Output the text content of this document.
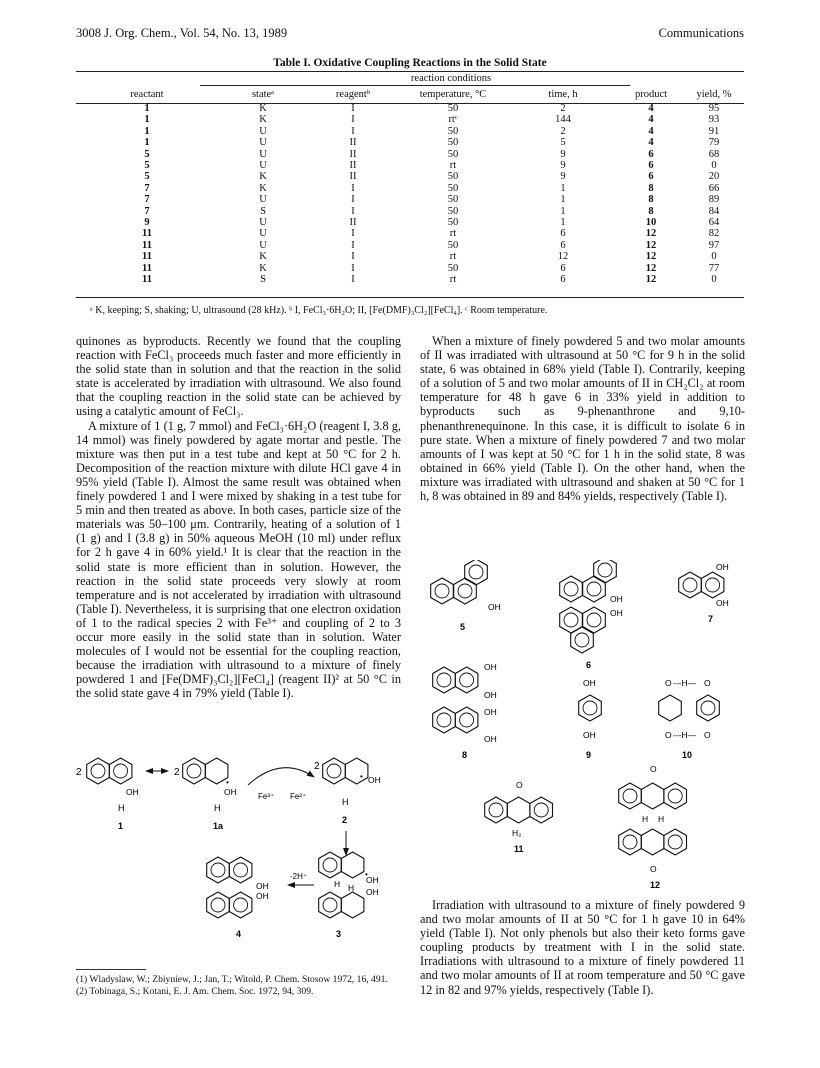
3008 J. Org. Chem., Vol. 54, No. 13, 1989	Communications
Table I. Oxidative Coupling Reactions in the Solid State
	reaction conditions					
reactant	stateᵃ	reagentᵇ	temperature, °C	time, h	product	yield, %
1	K	I	50	2	4	95
1	K	I	rtᶜ	144	4	93
1	U	I	50	2	4	91
1	U	II	50	5	4	79
5	U	II	50	9	6	68
5	U	II	rt	9	6	0
5	K	II	50	9	6	20
7	K	I	50	1	8	66
7	U	I	50	1	8	89
7	S	I	50	1	8	84
9	U	II	50	1	10	64
11	U	I	rt	6	12	82
11	U	I	50	6	12	97
11	K	I	rt	12	12	0
11	K	I	50	6	12	77
11	S	I	rt	6	12	0
ᵃ K, keeping; S, shaking; U, ultrasound (28 kHz). ᵇ I, FeCl₃·6H₂O; II, [Fe(DMF)₃Cl₂][FeCl₄]. ᶜ Room temperature.

quinones as byproducts. Recently we found that the coupling reaction with FeCl₃ proceeds much faster and more efficiently in the solid state than in solution and that the reaction in the solid state is accelerated by irradiation with ultrasound. We also found that the coupling reaction in the solid state can be achieved by using a catalytic amount of FeCl₃.

A mixture of 1 (1 g, 7 mmol) and FeCl₃·6H₂O (reagent I, 3.8 g, 14 mmol) was finely powdered by agate mortar and pestle. The mixture was then put in a test tube and kept at 50 °C for 2 h. Decomposition of the reaction mixture with dilute HCl gave 4 in 95% yield (Table I). Almost the same result was obtained when finely powdered 1 and I were mixed by shaking in a test tube for 5 min and then treated as above. In both cases, particle size of the materials was 50–100 μm. Contrarily, heating of a solution of 1 (1 g) and I (3.8 g) in 50% aqueous MeOH (10 ml) under reflux for 2 h gave 4 in 60% yield.¹ It is clear that the reaction in the solid state is more efficient than in solution. However, the reaction in the solid state proceeds very slowly at room temperature and is not accelerated by irradiation with ultrasound (Table I). Nevertheless, it is surprising that one electron oxidation of 1 to the radical species 2 with Fe³⁺ and coupling of 2 to 3 occur more easily in the solid state than in solution. Water molecules of I would not be essential for the coupling reaction, because the irradiation with ultrasound to a mixture of finely powdered 1 and [Fe(DMF)₃Cl₂][FeCl₄] (reagent II)² at 50 °C in the solid state gave 4 in 79% yield (Table I).

When a mixture of finely powdered 5 and two molar amounts of II was irradiated with ultrasound at 50 °C for 9 h in the solid state, 6 was obtained in 68% yield (Table I). Contrarily, keeping of a solution of 5 and two molar amounts of II in CH₂Cl₂ at room temperature for 48 h gave 6 in 33% yield in addition to byproducts such as 9-phenanthrone and 9,10-phenanthrenequinone. In this case, it is difficult to isolate 6 in pure state. When a mixture of finely powdered 7 and two molar amounts of I was kept at 50 °C for 1 h in the solid state, 8 was obtained in 66% yield (Table I). On the other hand, when the mixture was irradiated with ultrasound and shaken at 50 °C for 1 h, 8 was obtained in 89 and 84% yields, respectively (Table I).

Irradiation with ultrasound to a mixture of finely powdered 9 and two molar amounts of II at 50 °C for 1 h gave 10 in 64% yield (Table I). Not only phenols but also their keto forms gave coupling products by treatment with I in the solid state. Irradiations with ultrasound to a mixture of finely powdered 11 and two molar amounts of II at room temperature and 50 °C gave 12 in 82 and 97% yields, respectively (Table I).

(1) Wladyslaw, W.; Zbiyniew, J.; Jan, T.; Witold, P. Chem. Stosow 1972, 16, 491.

(2) Tobinaga, S.; Kotani, E. J. Am. Chem. Soc. 1972, 94, 309.

2
OH
H
1
2
•
OH
H
1a
Fe³⁺ Fe²⁺
2
• OH
H
2
•
OH
OH
H H
3
-2H⁺
OH
OH
4
OH
5
OH
OH
6
OH
OH
7
OH
OH
OH
OH
8
OH
OH
9
O ---H— O
O ---H— O
10
O
H₂
11
O
H H
O
12
